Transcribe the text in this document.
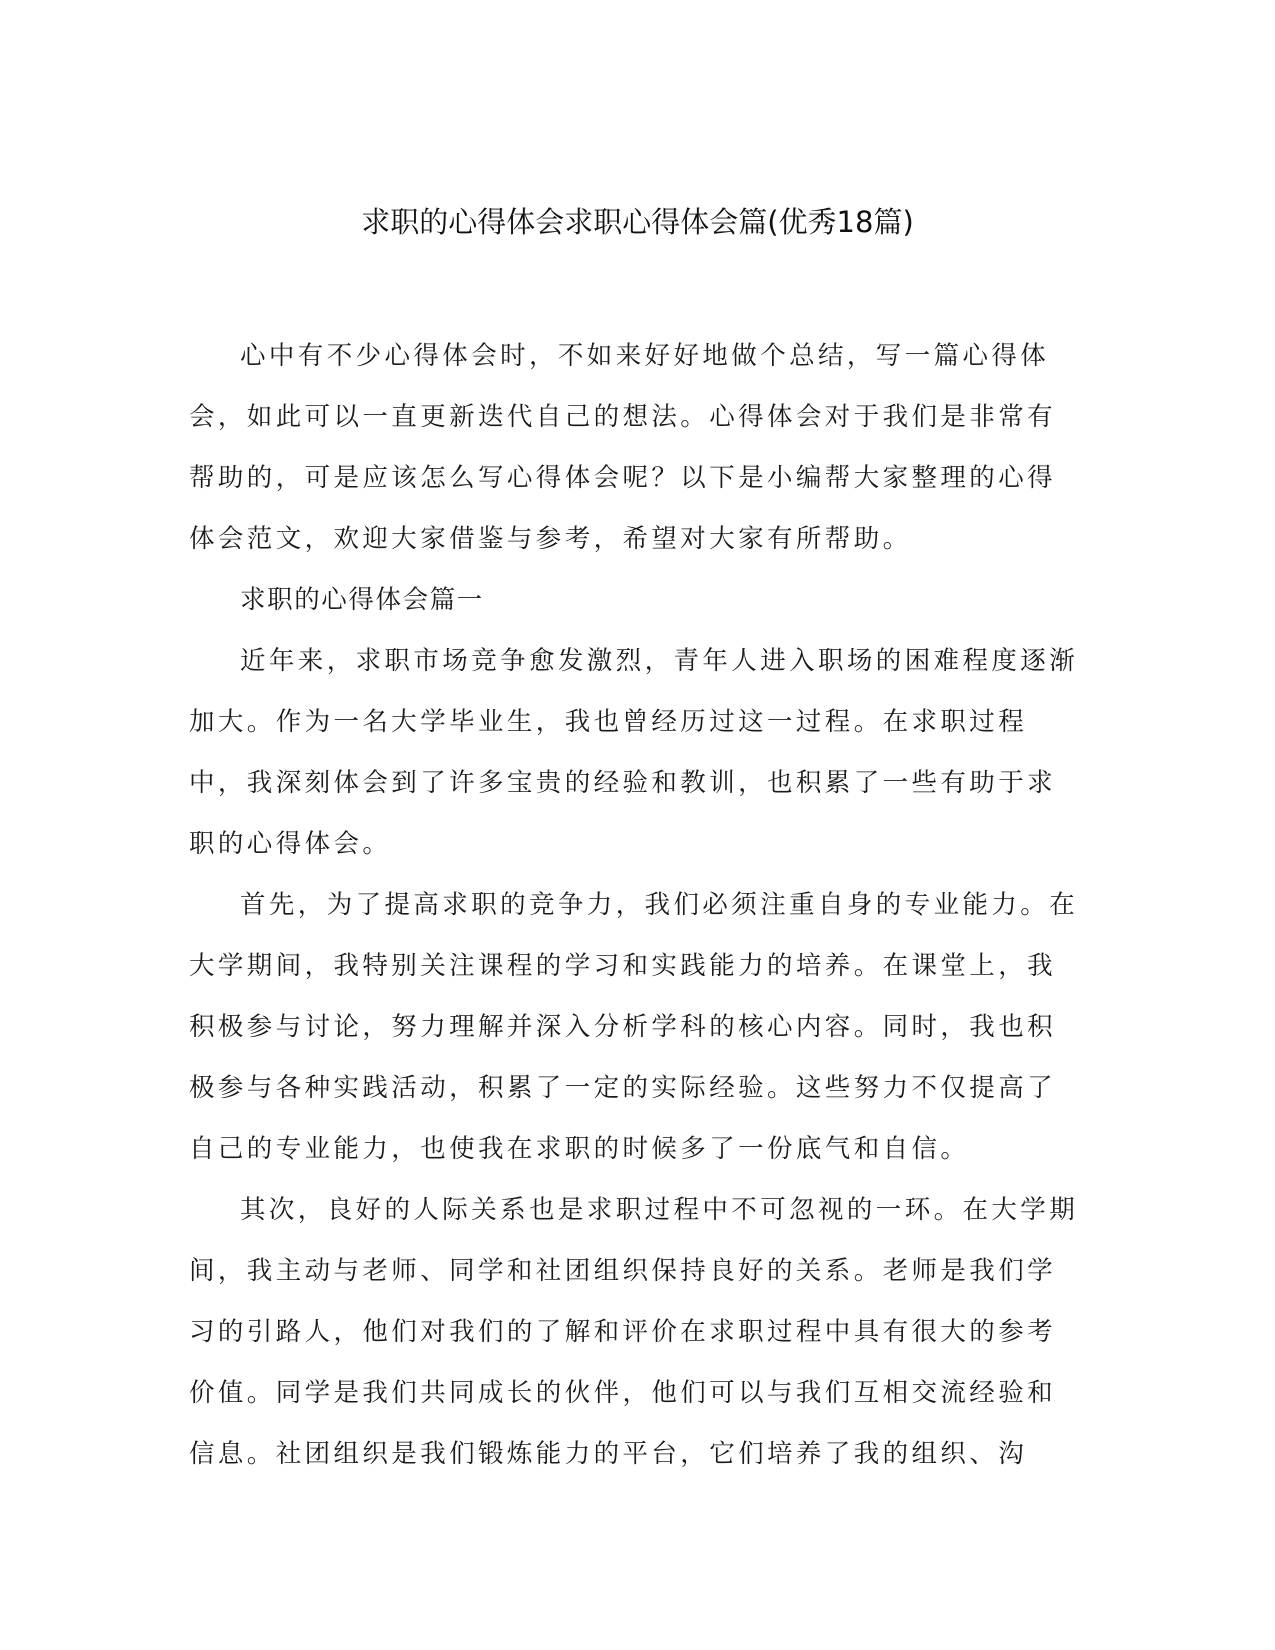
求职的心得体会求职心得体会篇(优秀18篇)

心中有不少心得体会时，不如来好好地做个总结，写一篇心得体会，如此可以一直更新迭代自己的想法。心得体会对于我们是非常有帮助的，可是应该怎么写心得体会呢？以下是小编帮大家整理的心得体会范文，欢迎大家借鉴与参考，希望对大家有所帮助。

求职的心得体会篇一

近年来，求职市场竞争愈发激烈，青年人进入职场的困难程度逐渐加大。作为一名大学毕业生，我也曾经历过这一过程。在求职过程中，我深刻体会到了许多宝贵的经验和教训，也积累了一些有助于求职的心得体会。

首先，为了提高求职的竞争力，我们必须注重自身的专业能力。在大学期间，我特别关注课程的学习和实践能力的培养。在课堂上，我积极参与讨论，努力理解并深入分析学科的核心内容。同时，我也积极参与各种实践活动，积累了一定的实际经验。这些努力不仅提高了自己的专业能力，也使我在求职的时候多了一份底气和自信。

其次，良好的人际关系也是求职过程中不可忽视的一环。在大学期间，我主动与老师、同学和社团组织保持良好的关系。老师是我们学习的引路人，他们对我们的了解和评价在求职过程中具有很大的参考价值。同学是我们共同成长的伙伴，他们可以与我们互相交流经验和信息。社团组织是我们锻炼能力的平台，它们培养了我的组织、沟
